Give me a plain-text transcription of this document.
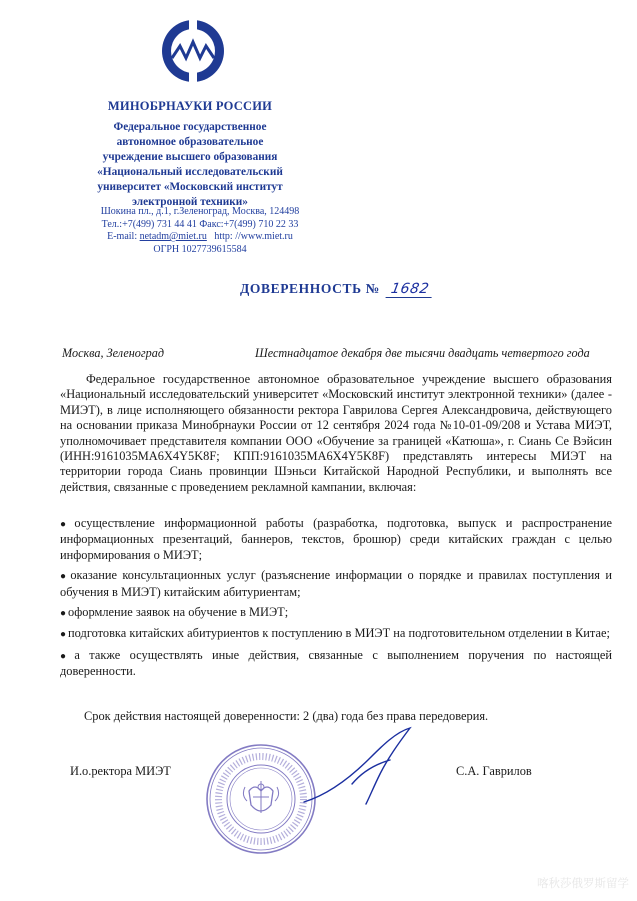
МИНОБРНАУКИ РОССИИ
Федеральное государственное
автономное образовательное
учреждение высшего образования
«Национальный исследовательский
университет «Московский институт
электронной техники»
Шокина пл., д.1, г.Зеленоград, Москва, 124498
Тел.:+7(499) 731 44 41 Факс:+7(499) 710 22 33
E-mail: netadm@miet.ru http: //www.miet.ru
ОГРН 1027739615584
ДОВЕРЕННОСТЬ № 1682
Москва, Зеленоград	Шестнадцатое декабря две тысячи двадцать четвертого года
Федеральное государственное автономное образовательное учреждение высшего образования «Национальный исследовательский университет «Московский институт электронной техники» (далее - МИЭТ), в лице исполняющего обязанности ректора Гаврилова Сергея Александровича, действующего на основании приказа Минобрнауки России от 12 сентября 2024 года №10-01-09/208 и Устава МИЭТ, уполномочивает представителя компании ООО «Обучение за границей «Катюша», г. Сиань Се Вэйсин (ИНН:9161035MA6X4Y5K8F; КПП:9161035MA6X4Y5K8F) представлять интересы МИЭТ на территории города Сиань провинции Шэньси Китайской Народной Республики, и выполнять все действия, связанные с проведением рекламной кампании, включая:
● осуществление информационной работы (разработка, подготовка, выпуск и распространение информационных презентаций, баннеров, текстов, брошюр) среди китайских граждан с целью информирования о МИЭТ;
● оказание консультационных услуг (разъяснение информации о порядке и правилах поступления и обучения в МИЭТ) китайским абитуриентам;
● оформление заявок на обучение в МИЭТ;
● подготовка китайских абитуриентов к поступлению в МИЭТ на подготовительном отделении в Китае;
● а также осуществлять иные действия, связанные с выполнением поручения по настоящей доверенности.
Срок действия настоящей доверенности: 2 (два) года без права передоверия.
И.о.ректора МИЭТ	С.А. Гаврилов
喀秋莎俄罗斯留学
